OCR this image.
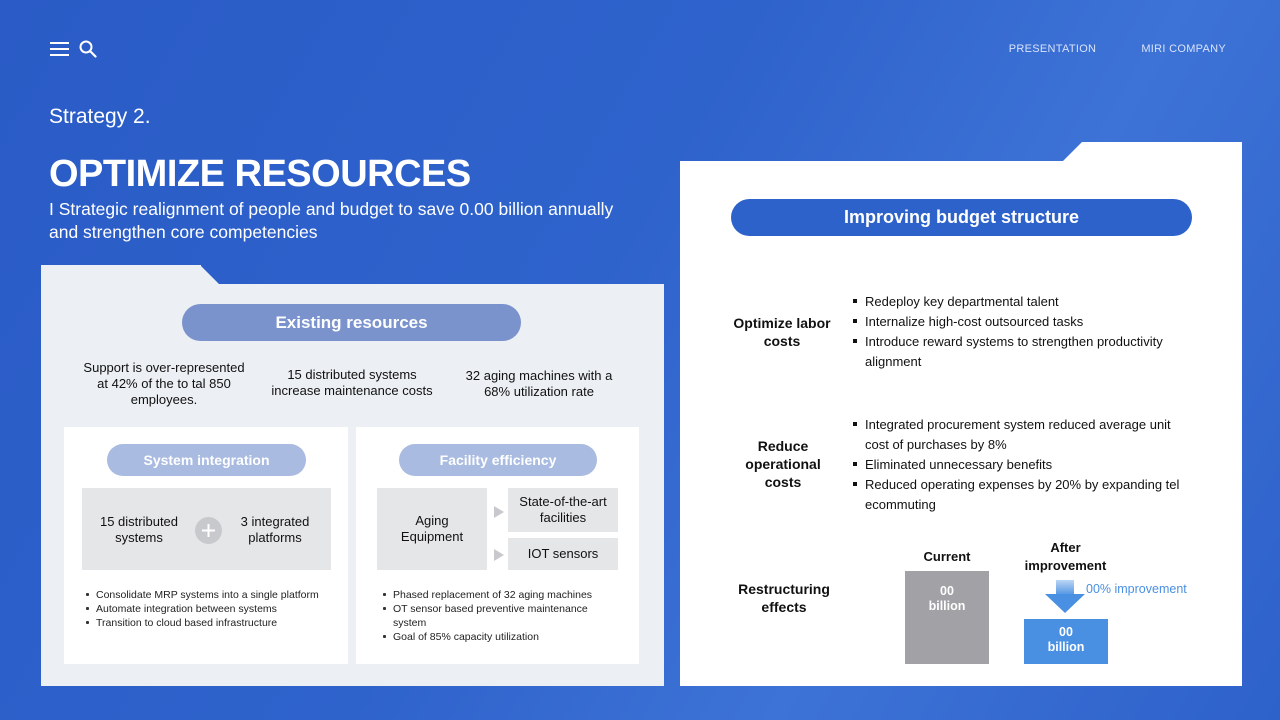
PRESENTATION	MIRI COMPANY
Strategy 2.
OPTIMIZE RESOURCES
I Strategic realignment of people and budget to save 0.00 billion annually and strengthen core competencies
Existing resources
Support is over-represented at 42% of the to tal 850 employees.
15 distributed systems increase maintenance costs
32 aging machines with a 68% utilization rate
System integration
15 distributed systems
3 integrated platforms
Consolidate MRP systems into a single platform
Automate integration between systems
Transition to cloud based infrastructure
Facility efficiency
Aging Equipment
State-of-the-art facilities
IOT sensors
Phased replacement of 32 aging machines
OT sensor based preventive maintenance system
Goal of 85% capacity utilization
Improving budget structure
Optimize labor costs
Redeploy key departmental talent
Internalize high-cost outsourced tasks
Introduce reward systems to strengthen productivity alignment
Reduce operational costs
Integrated procurement system reduced average unit cost of purchases by 8%
Eliminated unnecessary benefits
Reduced operating expenses by 20% by expanding tel ecommuting
Restructuring effects
Current
00 billion
After improvement
00% improvement
00 billion
